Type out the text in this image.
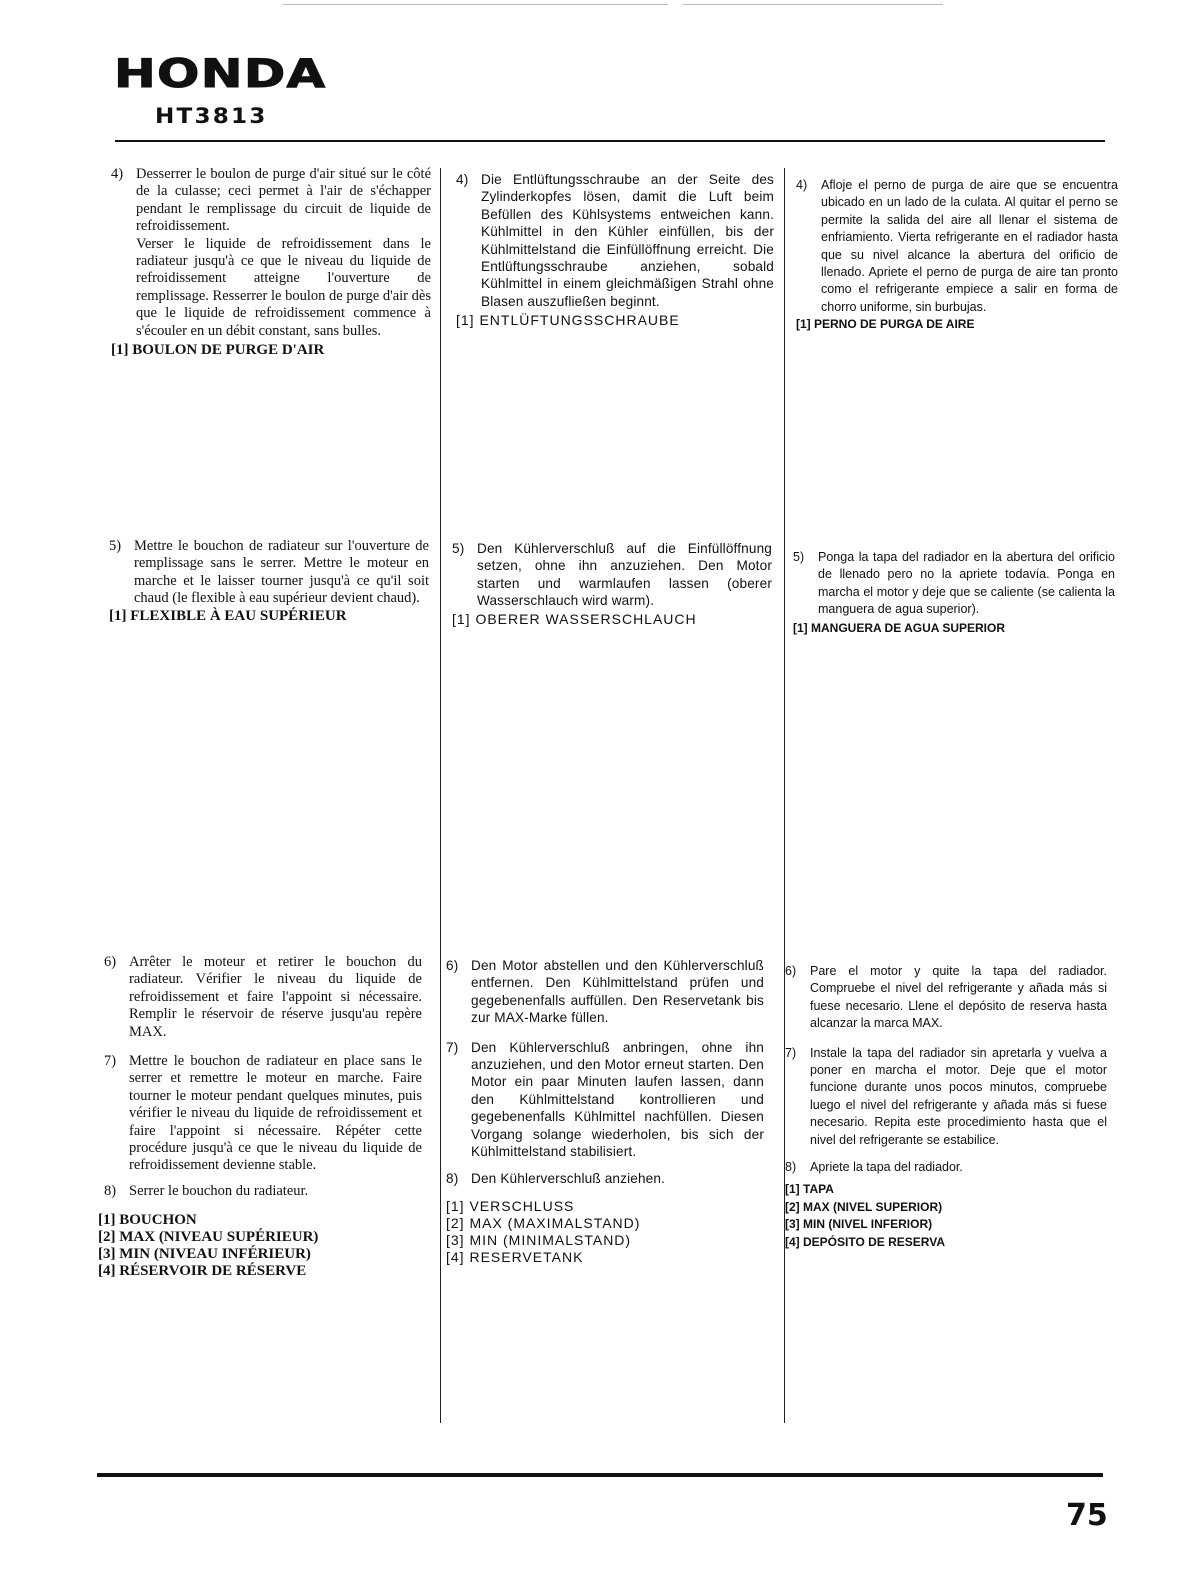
HONDA
HT3813
4) Desserrer le boulon de purge d'air situé sur le côté de la culasse; ceci permet à l'air de s'échapper pendant le remplissage du circuit de liquide de refroidissement.

Verser le liquide de refroidissement dans le radiateur jusqu'à ce que le niveau du liquide de refroidissement atteigne l'ouverture de remplissage. Resserrer le boulon de purge d'air dès que le liquide de refroidissement commence à s'écouler en un débit constant, sans bulles.

[1] BOULON DE PURGE D'AIR
5) Mettre le bouchon de radiateur sur l'ouverture de remplissage sans le serrer. Mettre le moteur en marche et le laisser tourner jusqu'à ce qu'il soit chaud (le flexible à eau supérieur devient chaud).

[1] FLEXIBLE À EAU SUPÉRIEUR
6) Arrêter le moteur et retirer le bouchon du radiateur. Vérifier le niveau du liquide de refroidissement et faire l'appoint si nécessaire. Remplir le réservoir de réserve jusqu'au repère MAX.

7) Mettre le bouchon de radiateur en place sans le serrer et remettre le moteur en marche. Faire tourner le moteur pendant quelques minutes, puis vérifier le niveau du liquide de refroidissement et faire l'appoint si nécessaire. Répéter cette procédure jusqu'à ce que le niveau du liquide de refroidissement devienne stable.

8) Serrer le bouchon du radiateur.

[1] BOUCHON
[2] MAX (NIVEAU SUPÉRIEUR)
[3] MIN (NIVEAU INFÉRIEUR)
[4] RÉSERVOIR DE RÉSERVE
4) Die Entlüftungsschraube an der Seite des Zylinderkopfes lösen, damit die Luft beim Befüllen des Kühlsystems entweichen kann. Kühlmittel in den Kühler einfüllen, bis der Kühlmittelstand die Einfüllöffnung erreicht. Die Entlüftungsschraube anziehen, sobald Kühlmittel in einem gleichmäßigen Strahl ohne Blasen auszufließen beginnt.

[1] ENTLÜFTUNGSSCHRAUBE
5) Den Kühlerverschluß auf die Einfüllöffnung setzen, ohne ihn anzuziehen. Den Motor starten und warmlaufen lassen (oberer Wasserschlauch wird warm).

[1] OBERER WASSERSCHLAUCH
6) Den Motor abstellen und den Kühlerverschluß entfernen. Den Kühlmittelstand prüfen und gegebenenfalls auffüllen. Den Reservetank bis zur MAX-Marke füllen.

7) Den Kühlerverschluß anbringen, ohne ihn anzuziehen, und den Motor erneut starten. Den Motor ein paar Minuten laufen lassen, dann den Kühlmittelstand kontrollieren und gegebenenfalls Kühlmittel nachfüllen. Diesen Vorgang solange wiederholen, bis sich der Kühlmittelstand stabilisiert.

8) Den Kühlerverschluß anziehen.

[1] VERSCHLUSS
[2] MAX (MAXIMALSTAND)
[3] MIN (MINIMALSTAND)
[4] RESERVETANK
4) Afloje el perno de purga de aire que se encuentra ubicado en un lado de la culata. Al quitar el perno se permite la salida del aire all llenar el sistema de enfriamiento. Vierta refrigerante en el radiador hasta que su nivel alcance la abertura del orificio de llenado. Apriete el perno de purga de aire tan pronto como el refrigerante empiece a salir en forma de chorro uniforme, sin burbujas.

[1] PERNO DE PURGA DE AIRE
5) Ponga la tapa del radiador en la abertura del orificio de llenado pero no la apriete todavía. Ponga en marcha el motor y deje que se caliente (se calienta la manguera de agua superior).

[1] MANGUERA DE AGUA SUPERIOR
6) Pare el motor y quite la tapa del radiador. Compruebe el nivel del refrigerante y añada más si fuese necesario. Llene el depósito de reserva hasta alcanzar la marca MAX.

7) Instale la tapa del radiador sin apretarla y vuelva a poner en marcha el motor. Deje que el motor funcione durante unos pocos minutos, compruebe luego el nivel del refrigerante y añada más si fuese necesario. Repita este procedimiento hasta que el nivel del refrigerante se estabilice.

8) Apriete la tapa del radiador.

[1] TAPA
[2] MAX (NIVEL SUPERIOR)
[3] MIN (NIVEL INFERIOR)
[4] DEPÓSITO DE RESERVA
75
